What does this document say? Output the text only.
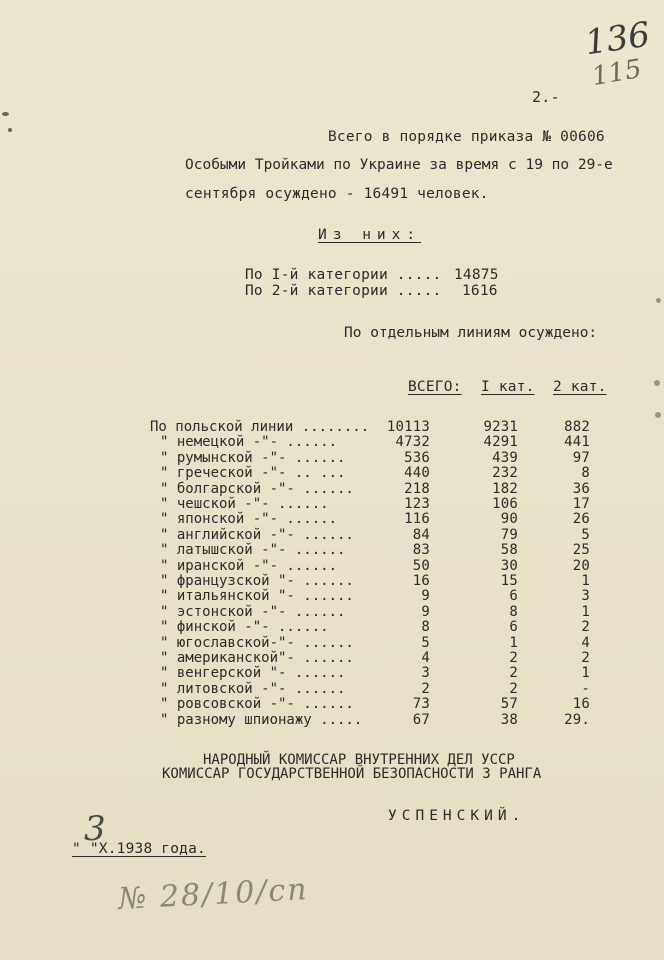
136
115
2.-
Всего в порядке приказа № 00606
Особыми Тройками по Украине за время с 19 по 29-е
сентября осуждено - 16491 человек.
Из них:
По I-й категории ..... 14875
По 2-й категории ..... 1616
По отдельным линиям осуждено:
ВСЕГО: I кат. 2 кат.
По польской линии ........ 10113	9231	882
" немецкой -"- ......	4732	4291	441
" румынской -"- ......	536	439	97
" греческой -"- .. ...	440	232	8
" болгарской -"- ......	218	182	36
" чешской -"- ......	123	106	17
" японской -"- ......	116	90	26
" английской -"- ......	84	79	5
" латышской -"- ......	83	58	25
" иранской -"- ......	50	30	20
" французской "- ......	16	15	1
" итальянской "- ......	9	6	3
" эстонской -"- ......	9	8	1
" финской -"- ......	8	6	2
" югославской-"- ......	5	1	4
" американской"- ......	4	2	2
" венгерской "- ......	3	2	1
" литовской -"- ......	2	2	-
" ровсовской -"- ......	73	57	16
" разному шпионажу .....	67	38	29.
НАРОДНЫЙ КОМИССАР ВНУТРЕННИХ ДЕЛ УССР
КОМИССАР ГОСУДАРСТВЕННОЙ БЕЗОПАСНОСТИ 3 РАНГА
УСПЕНСКИЙ.
3
" "X.1938 года.
№ 28/10/сп
